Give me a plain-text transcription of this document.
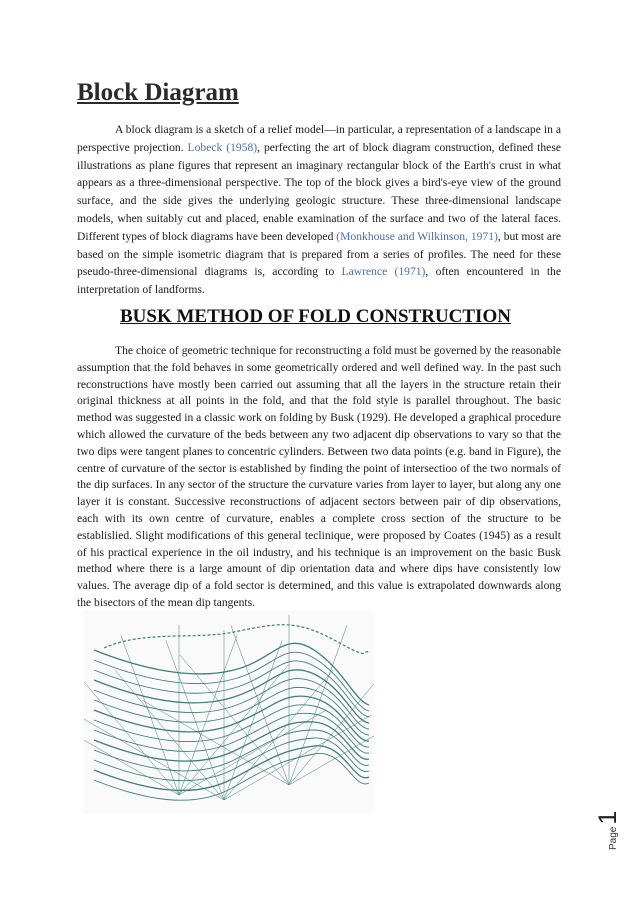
Block Diagram

A block diagram is a sketch of a relief model—in particular, a representation of a landscape in a perspective projection. Lobeck (1958), perfecting the art of block diagram construction, defined these illustrations as plane figures that represent an imaginary rectangular block of the Earth's crust in what appears as a three-dimensional perspective. The top of the block gives a bird's-eye view of the ground surface, and the side gives the underlying geologic structure. These three-dimensional landscape models, when suitably cut and placed, enable examination of the surface and two of the lateral faces. Different types of block diagrams have been developed (Monkhouse and Wilkinson, 1971), but most are based on the simple isometric diagram that is prepared from a series of profiles. The need for these pseudo-three-dimensional diagrams is, according to Lawrence (1971), often encountered in the interpretation of landforms.

BUSK METHOD OF FOLD CONSTRUCTION

The choice of geometric technique for reconstructing a fold must be governed by the reasonable assumption that the fold behaves in some geometrically ordered and well defined way. In the past such reconstructions have mostly been carried out assuming that all the layers in the structure retain their original thickness at all points in the fold, and that the fold style is parallel throughout. The basic method was suggested in a classic work on folding by Busk (1929). He developed a graphical procedure which allowed the curvature of the beds between any two adjacent dip observations to vary so that the two dips were tangent planes to concentric cylinders. Between two data points (e.g. band in Figure), the centre of curvature of the sector is established by finding the point of intersectioo of the two normals of the dip surfaces. In any sector of the structure the curvature varies from layer to layer, but along any one layer it is constant. Successive reconstructions of adjacent sectors between pair of dip observations, each with its own centre of curvature, enables a complete cross section of the structure to be establislied. Slight modifications of this general teclinique, were proposed by Coates (1945) as a result of his practical experience in the oil industry, and his technique is an improvement on the basic Busk method where there is a large amount of dip orientation data and where dips have consistently low values. The average dip of a fold sector is determined, and this value is extrapolated downwards along the bisectors of the mean dip tangents.

Page1
